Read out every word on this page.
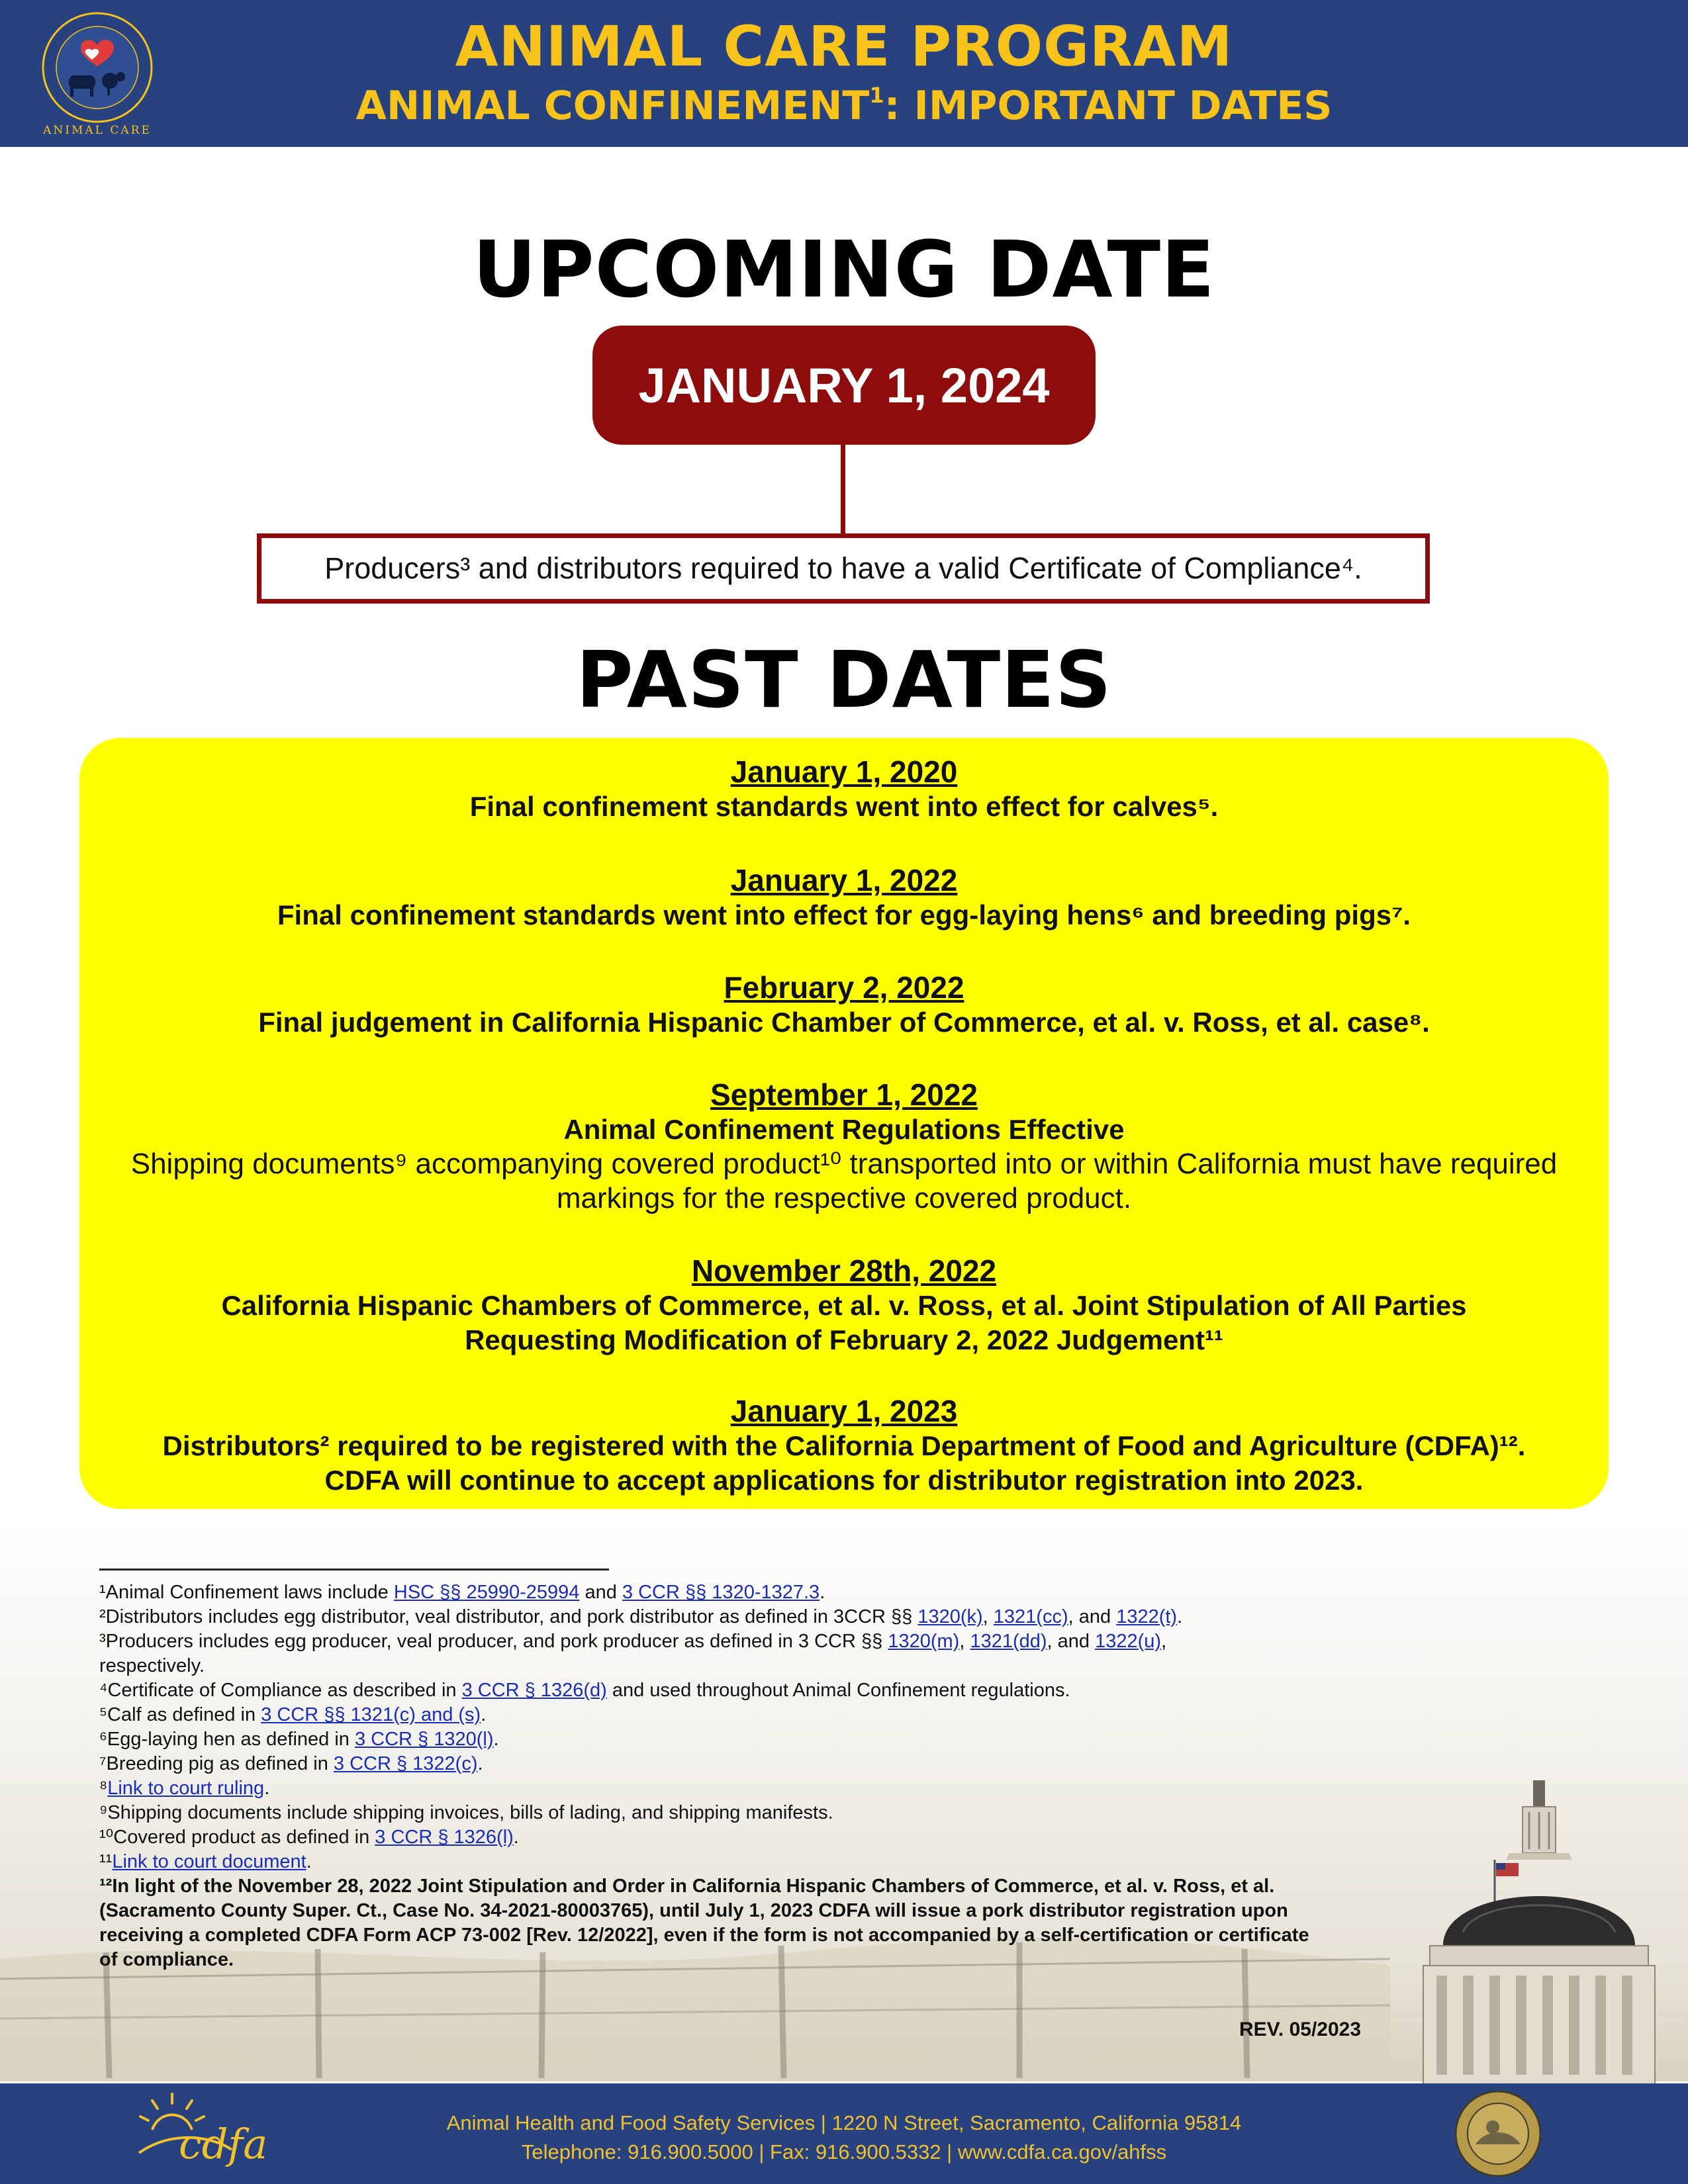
ANIMAL CARE
ANIMAL CARE PROGRAM
ANIMAL CONFINEMENT$^1$: IMPORTANT DATES
UPCOMING DATE
JANUARY 1, 2024
Producers³ and distributors required to have a valid Certificate of Compliance⁴.
PAST DATES
January 1, 2020
Final confinement standards went into effect for calves⁵.
January 1, 2022
Final confinement standards went into effect for egg-laying hens⁶ and breeding pigs⁷.
February 2, 2022
Final judgement in California Hispanic Chamber of Commerce, et al. v. Ross, et al. case⁸.
September 1, 2022
Animal Confinement Regulations Effective
Shipping documents⁹ accompanying covered product¹⁰ transported into or within California must have required
markings for the respective covered product.
November 28th, 2022
California Hispanic Chambers of Commerce, et al. v. Ross, et al. Joint Stipulation of All Parties
Requesting Modification of February 2, 2022 Judgement¹¹
January 1, 2023
Distributors² required to be registered with the California Department of Food and Agriculture (CDFA)¹².
CDFA will continue to accept applications for distributor registration into 2023.
¹Animal Confinement laws include HSC §§ 25990-25994 and 3 CCR §§ 1320-1327.3.
²Distributors includes egg distributor, veal distributor, and pork distributor as defined in 3CCR §§ 1320(k), 1321(cc), and 1322(t).
³Producers includes egg producer, veal producer, and pork producer as defined in 3 CCR §§ 1320(m), 1321(dd), and 1322(u),
respectively.
⁴Certificate of Compliance as described in 3 CCR § 1326(d) and used throughout Animal Confinement regulations.
⁵Calf as defined in 3 CCR §§ 1321(c) and (s).
⁶Egg-laying hen as defined in 3 CCR § 1320(l).
⁷Breeding pig as defined in 3 CCR § 1322(c).
⁸Link to court ruling.
⁹Shipping documents include shipping invoices, bills of lading, and shipping manifests.
¹⁰Covered product as defined in 3 CCR § 1326(l).
¹¹Link to court document.
¹²In light of the November 28, 2022 Joint Stipulation and Order in California Hispanic Chambers of Commerce, et al. v. Ross, et al.
(Sacramento County Super. Ct., Case No. 34-2021-80003765), until July 1, 2023 CDFA will issue a pork distributor registration upon
receiving a completed CDFA Form ACP 73-002 [Rev. 12/2022], even if the form is not accompanied by a self-certification or certificate
of compliance.
REV. 05/2023
cdfa	Animal Health and Food Safety Services | 1220 N Street, Sacramento, California 95814
Telephone: 916.900.5000 | Fax: 916.900.5332 | www.cdfa.ca.gov/ahfss
